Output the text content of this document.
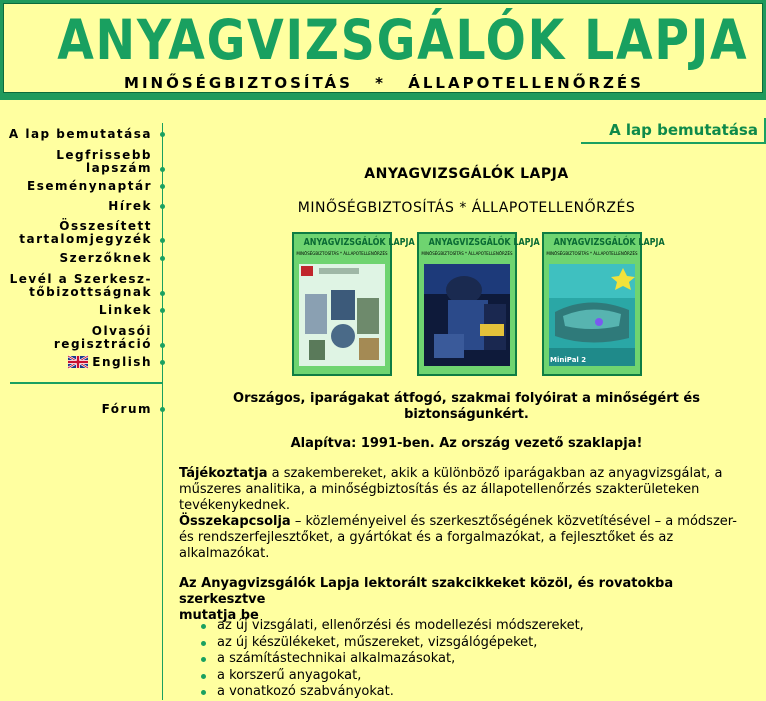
ANYAGVIZSGÁLÓK LAPJA
MINŐSÉGBIZTOSÍTÁS * ÁLLAPOTELLENŐRZÉS
A lap bemutatása
Legfrissebb
lapszám
Eseménynaptár
Hírek
Összesített
tartalomjegyzék
Szerzőknek
Levél a Szerkesz-
tőbizottságnak
Linkek
Olvasói
regisztráció
English
Fórum
A lap bemutatása
ANYAGVIZSGÁLÓK LAPJA
MINŐSÉGBIZTOSÍTÁS * ÁLLAPOTELLENŐRZÉS
ANYAGVIZSGÁLÓK LAPJA
MINŐSÉGBIZTOSÍTÁS * ÁLLAPOTELLENŐRZÉS
ANYAGVIZSGÁLÓK LAPJA
MINŐSÉGBIZTOSÍTÁS * ÁLLAPOTELLENŐRZÉS
ANYAGVIZSGÁLÓK LAPJA
MINŐSÉGBIZTOSÍTÁS * ÁLLAPOTELLENŐRZÉS
MiniPal 2
Országos, iparágakat átfogó, szakmai folyóirat a minőségért és
biztonságunkért.
Alapítva: 1991-ben. Az ország vezető szaklapja!
Tájékoztatja a szakembereket, akik a különböző iparágakban az anyagvizsgálat, a
műszeres analitika, a minőségbiztosítás és az állapotellenőrzés szakterületeken
tevékenykednek.
Összekapcsolja – közleményeivel és szerkesztőségének közvetítésével – a módszer-
és rendszerfejlesztőket, a gyártókat és a forgalmazókat, a fejlesztőket és az
alkalmazókat.
Az Anyagvizsgálók Lapja lektorált szakcikkeket közöl, és rovatokba szerkesztve
mutatja be
az új vizsgálati, ellenőrzési és modellezési módszereket,
az új készülékeket, műszereket, vizsgálógépeket,
a számítástechnikai alkalmazásokat,
a korszerű anyagokat,
a vonatkozó szabványokat.
